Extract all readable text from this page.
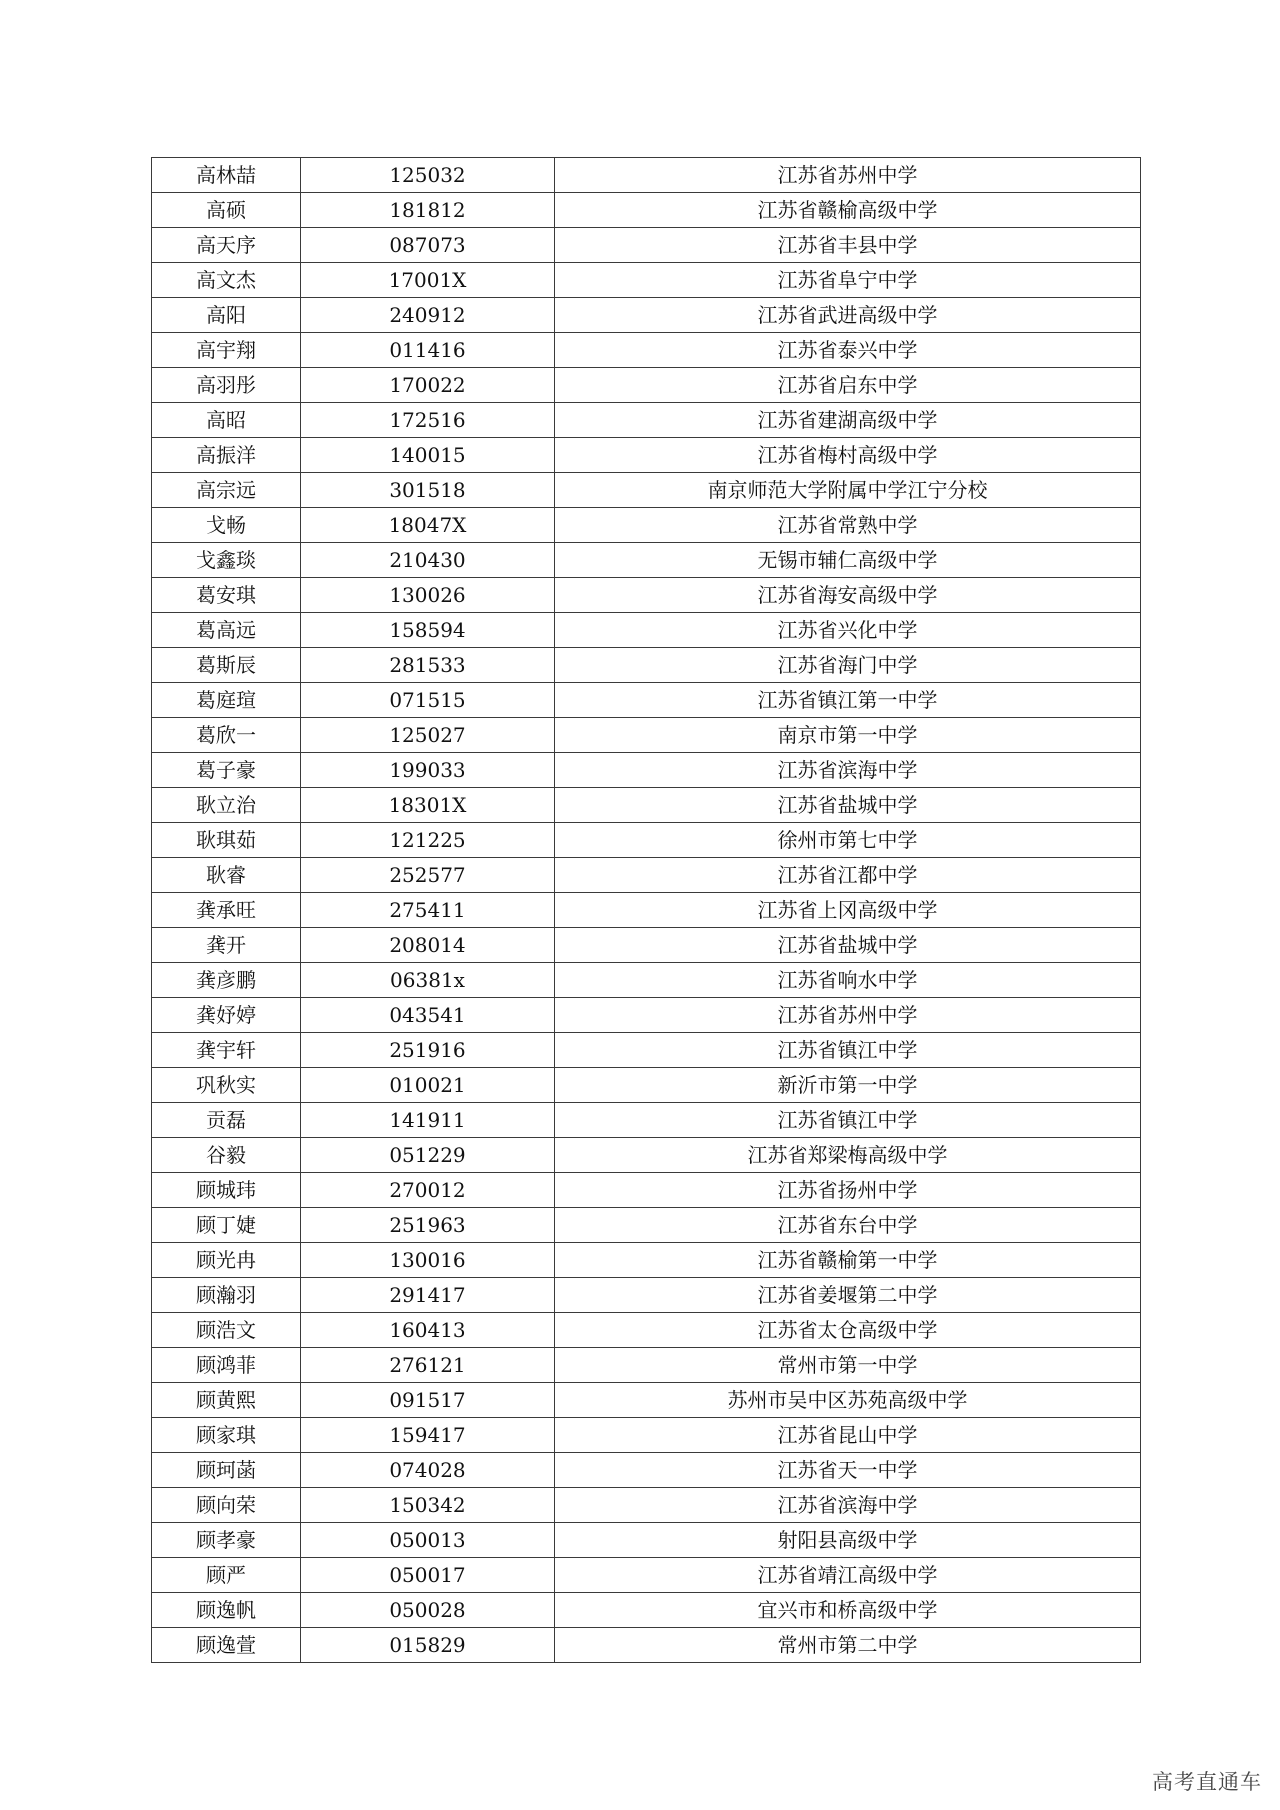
高林喆	125032	江苏省苏州中学
高硕	181812	江苏省赣榆高级中学
高天序	087073	江苏省丰县中学
高文杰	17001X	江苏省阜宁中学
高阳	240912	江苏省武进高级中学
高宇翔	011416	江苏省泰兴中学
高羽彤	170022	江苏省启东中学
高昭	172516	江苏省建湖高级中学
高振洋	140015	江苏省梅村高级中学
高宗远	301518	南京师范大学附属中学江宁分校
戈畅	18047X	江苏省常熟中学
戈鑫琰	210430	无锡市辅仁高级中学
葛安琪	130026	江苏省海安高级中学
葛高远	158594	江苏省兴化中学
葛斯辰	281533	江苏省海门中学
葛庭瑄	071515	江苏省镇江第一中学
葛欣一	125027	南京市第一中学
葛子豪	199033	江苏省滨海中学
耿立治	18301X	江苏省盐城中学
耿琪茹	121225	徐州市第七中学
耿睿	252577	江苏省江都中学
龚承旺	275411	江苏省上冈高级中学
龚开	208014	江苏省盐城中学
龚彦鹏	06381x	江苏省响水中学
龚妤婷	043541	江苏省苏州中学
龚宇轩	251916	江苏省镇江中学
巩秋实	010021	新沂市第一中学
贡磊	141911	江苏省镇江中学
谷毅	051229	江苏省郑梁梅高级中学
顾城玮	270012	江苏省扬州中学
顾丁婕	251963	江苏省东台中学
顾光冉	130016	江苏省赣榆第一中学
顾瀚羽	291417	江苏省姜堰第二中学
顾浩文	160413	江苏省太仓高级中学
顾鸿菲	276121	常州市第一中学
顾黄熙	091517	苏州市吴中区苏苑高级中学
顾家琪	159417	江苏省昆山中学
顾珂菡	074028	江苏省天一中学
顾向荣	150342	江苏省滨海中学
顾孝豪	050013	射阳县高级中学
顾严	050017	江苏省靖江高级中学
顾逸帆	050028	宜兴市和桥高级中学
顾逸萱	015829	常州市第二中学
高考直通车
